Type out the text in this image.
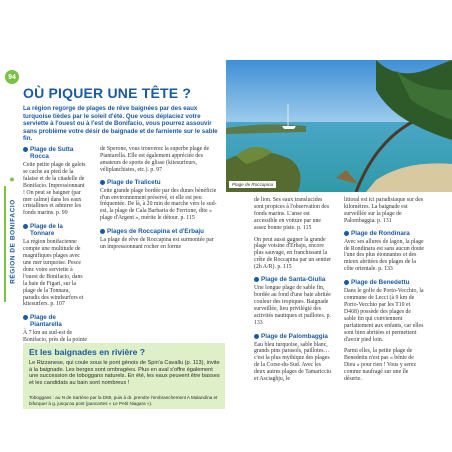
94
✸
RÉGION DE BONIFACIO
Plage de Roccapina
OÙ PIQUER UNE TÊTE ?

La région regorge de plages de rêve baignées par des eaux turquoise tièdes par le soleil d'été. Que vous déplaciez votre serviette à l'ouest ou à l'est de Bonifacio, vous pourrez assouvir sans problème votre désir de baignade et de farniente sur le sable fin.

Plage de Sutta Rocca

Cette petite plage de galets se cache au pied de la falaise et de la citadelle de Bonifacio. Impressionnant ! On peut se baigner (par mer calme) dans les eaux cristallines et admirer les fonds marins. p. 99

Plage de la Tonnare

La région bonifacienne compte une multitude de magnifiques plages avec une mer turquoise. Pesce donc votre serviette à l'ouest de Bonifacio, dans la baie de Figari, sur la plage de la Tonnara, paradis des windsurfers et kitesurfers. p. 107

Plage de Piantarella

À 7 km au sud-est de Bonifacio, près de la pointe

de Sperone, vous trouverez la superbe plage de Piantarella. Elle est également appréciée des amateurs de sports de glisse (kitesurfeurs, véliplanchistes, etc.). p. 97

Plage de Tralicetu

Cette grande plage bordée par des dunes bénéficie d'un environnement préservé, et elle est peu fréquentée. De là, à 20 min de marche vers le sud-est, la plage de Cala Barbaria de Ferrione, dite « plage d'Argent », mérite le détour. p. 115

Plages de Roccapina et d'Erbaju

La plage de rêve de Roccapina est surmontée par un impressionnant rocher en forme

de lion. Ses eaux translucides sont propices à l'observation des fonds marins. L'anse est accessible en voiture par une assez bonne piste. p. 115

On peut aussi gagner la grande plage voisine d'Erbaju, encore plus sauvage, en franchissant la crête de Roccapina par un sentier (2h A/R). p. 115

Plage de Santa-Giulia

Une longue plage de sable fin, bordée au fond d'une baie abritée couleur des tropiques. Baignade surveillée, lieu privilégié des activités nautiques et paillotes. p. 133

Plage de Palombaggia

Eau bleu turquoise, sable blanc, grands pins parasols, paillotes… c'est la plus mythique des plages de la Corse-du-Sud. Avec les deux autres plages de Tamaricciu et Asciaghju, le

littoral est ici paradisiaque sur des kilomètres. La baignade est surveillée sur la plage de Palombaggia. p. 131

Plage de Rondinara

Avec ses allures de lagon, la plage de Rondinara est sans aucun doute l'une des plus étonnantes et des mieux abritées des plages de la côte orientale. p. 133

Plage de Benedettu

Dans le golfe de Porto-Vecchio, la commune de Lecci (à 9 km de Porto-Vecchio par les T10 et D468) possède des plages de sable fin qui conviennent parfaitement aux enfants, car elles sont bien abritées et permettent d'avoir pied loin.

Parmi elles, la petite plage de Benedettu n'est pas « bénie de Dieu » pour rien ! Vous y serez comme naufragé sur une île déserte.

Et les baignades en rivière ?

Le Rizzanese, qui coule sous le pont génois de Spin'a Cavallu (p. 113), invite à la baignade. Les berges sont ombragées. Plus en aval s'offre également une succession de toboggans naturels. En été, les eaux peuvent être basses et les candidats au bain sont nombreux !

Toboggans : au N de Sartène par la D69, puis à dr. prendre l'embranchement A Malandina et bifurquer à g. jusqu'au pont (pancartes « Le Petit Niagara »).
